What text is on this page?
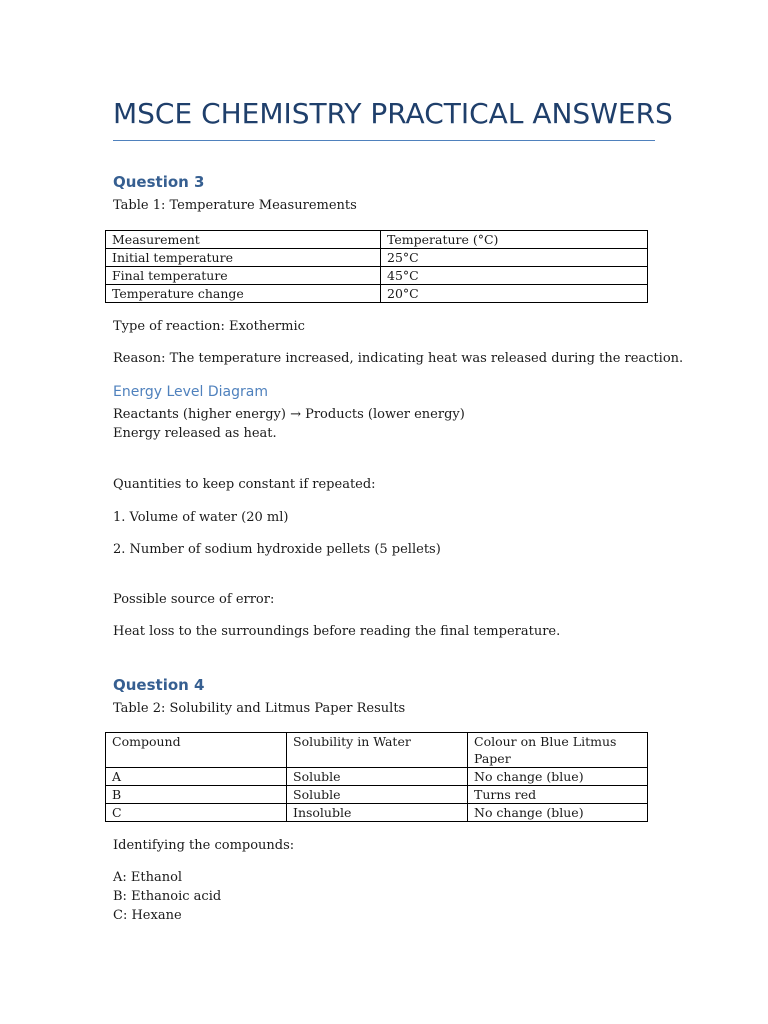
MSCE CHEMISTRY PRACTICAL ANSWERS
Question 3
Table 1: Temperature Measurements
Measurement	Temperature (°C)
Initial temperature	25°C
Final temperature	45°C
Temperature change	20°C
Type of reaction: Exothermic
Reason: The temperature increased, indicating heat was released during the reaction.
Energy Level Diagram
Reactants (higher energy) → Products (lower energy)
Energy released as heat.
Quantities to keep constant if repeated:
1. Volume of water (20 ml)
2. Number of sodium hydroxide pellets (5 pellets)
Possible source of error:
Heat loss to the surroundings before reading the final temperature.
Question 4
Table 2: Solubility and Litmus Paper Results
Compound	Solubility in Water	Colour on Blue Litmus Paper
A	Soluble	No change (blue)
B	Soluble	Turns red
C	Insoluble	No change (blue)
Identifying the compounds:
A: Ethanol
B: Ethanoic acid
C: Hexane
